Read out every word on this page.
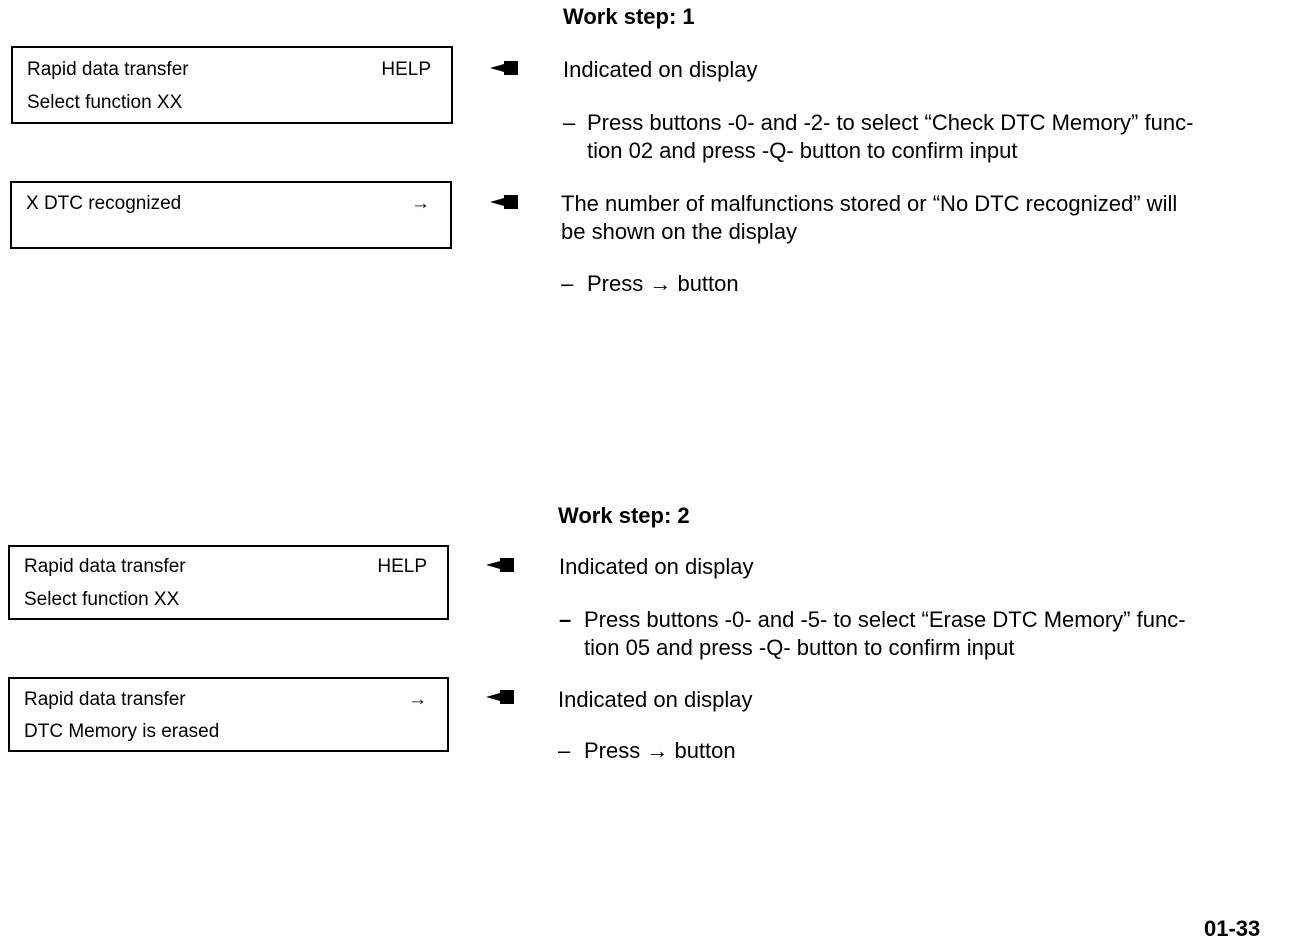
Work step: 1
Rapid data transfer	HELP
Select function XX
Indicated on display
– Press buttons -0- and -2- to select “Check DTC Memory” func-
tion 02 and press -Q- button to confirm input
X DTC recognized	→	The number of malfunctions stored or “No DTC recognized” will
be shown on the display
– Press → button
Work step: 2
Rapid data transfer	HELP
Select function XX
Indicated on display
– Press buttons -0- and -5- to select “Erase DTC Memory” func-
tion 05 and press -Q- button to confirm input
Rapid data transfer	→
DTC Memory is erased
Indicated on display
– Press → button
01-33
